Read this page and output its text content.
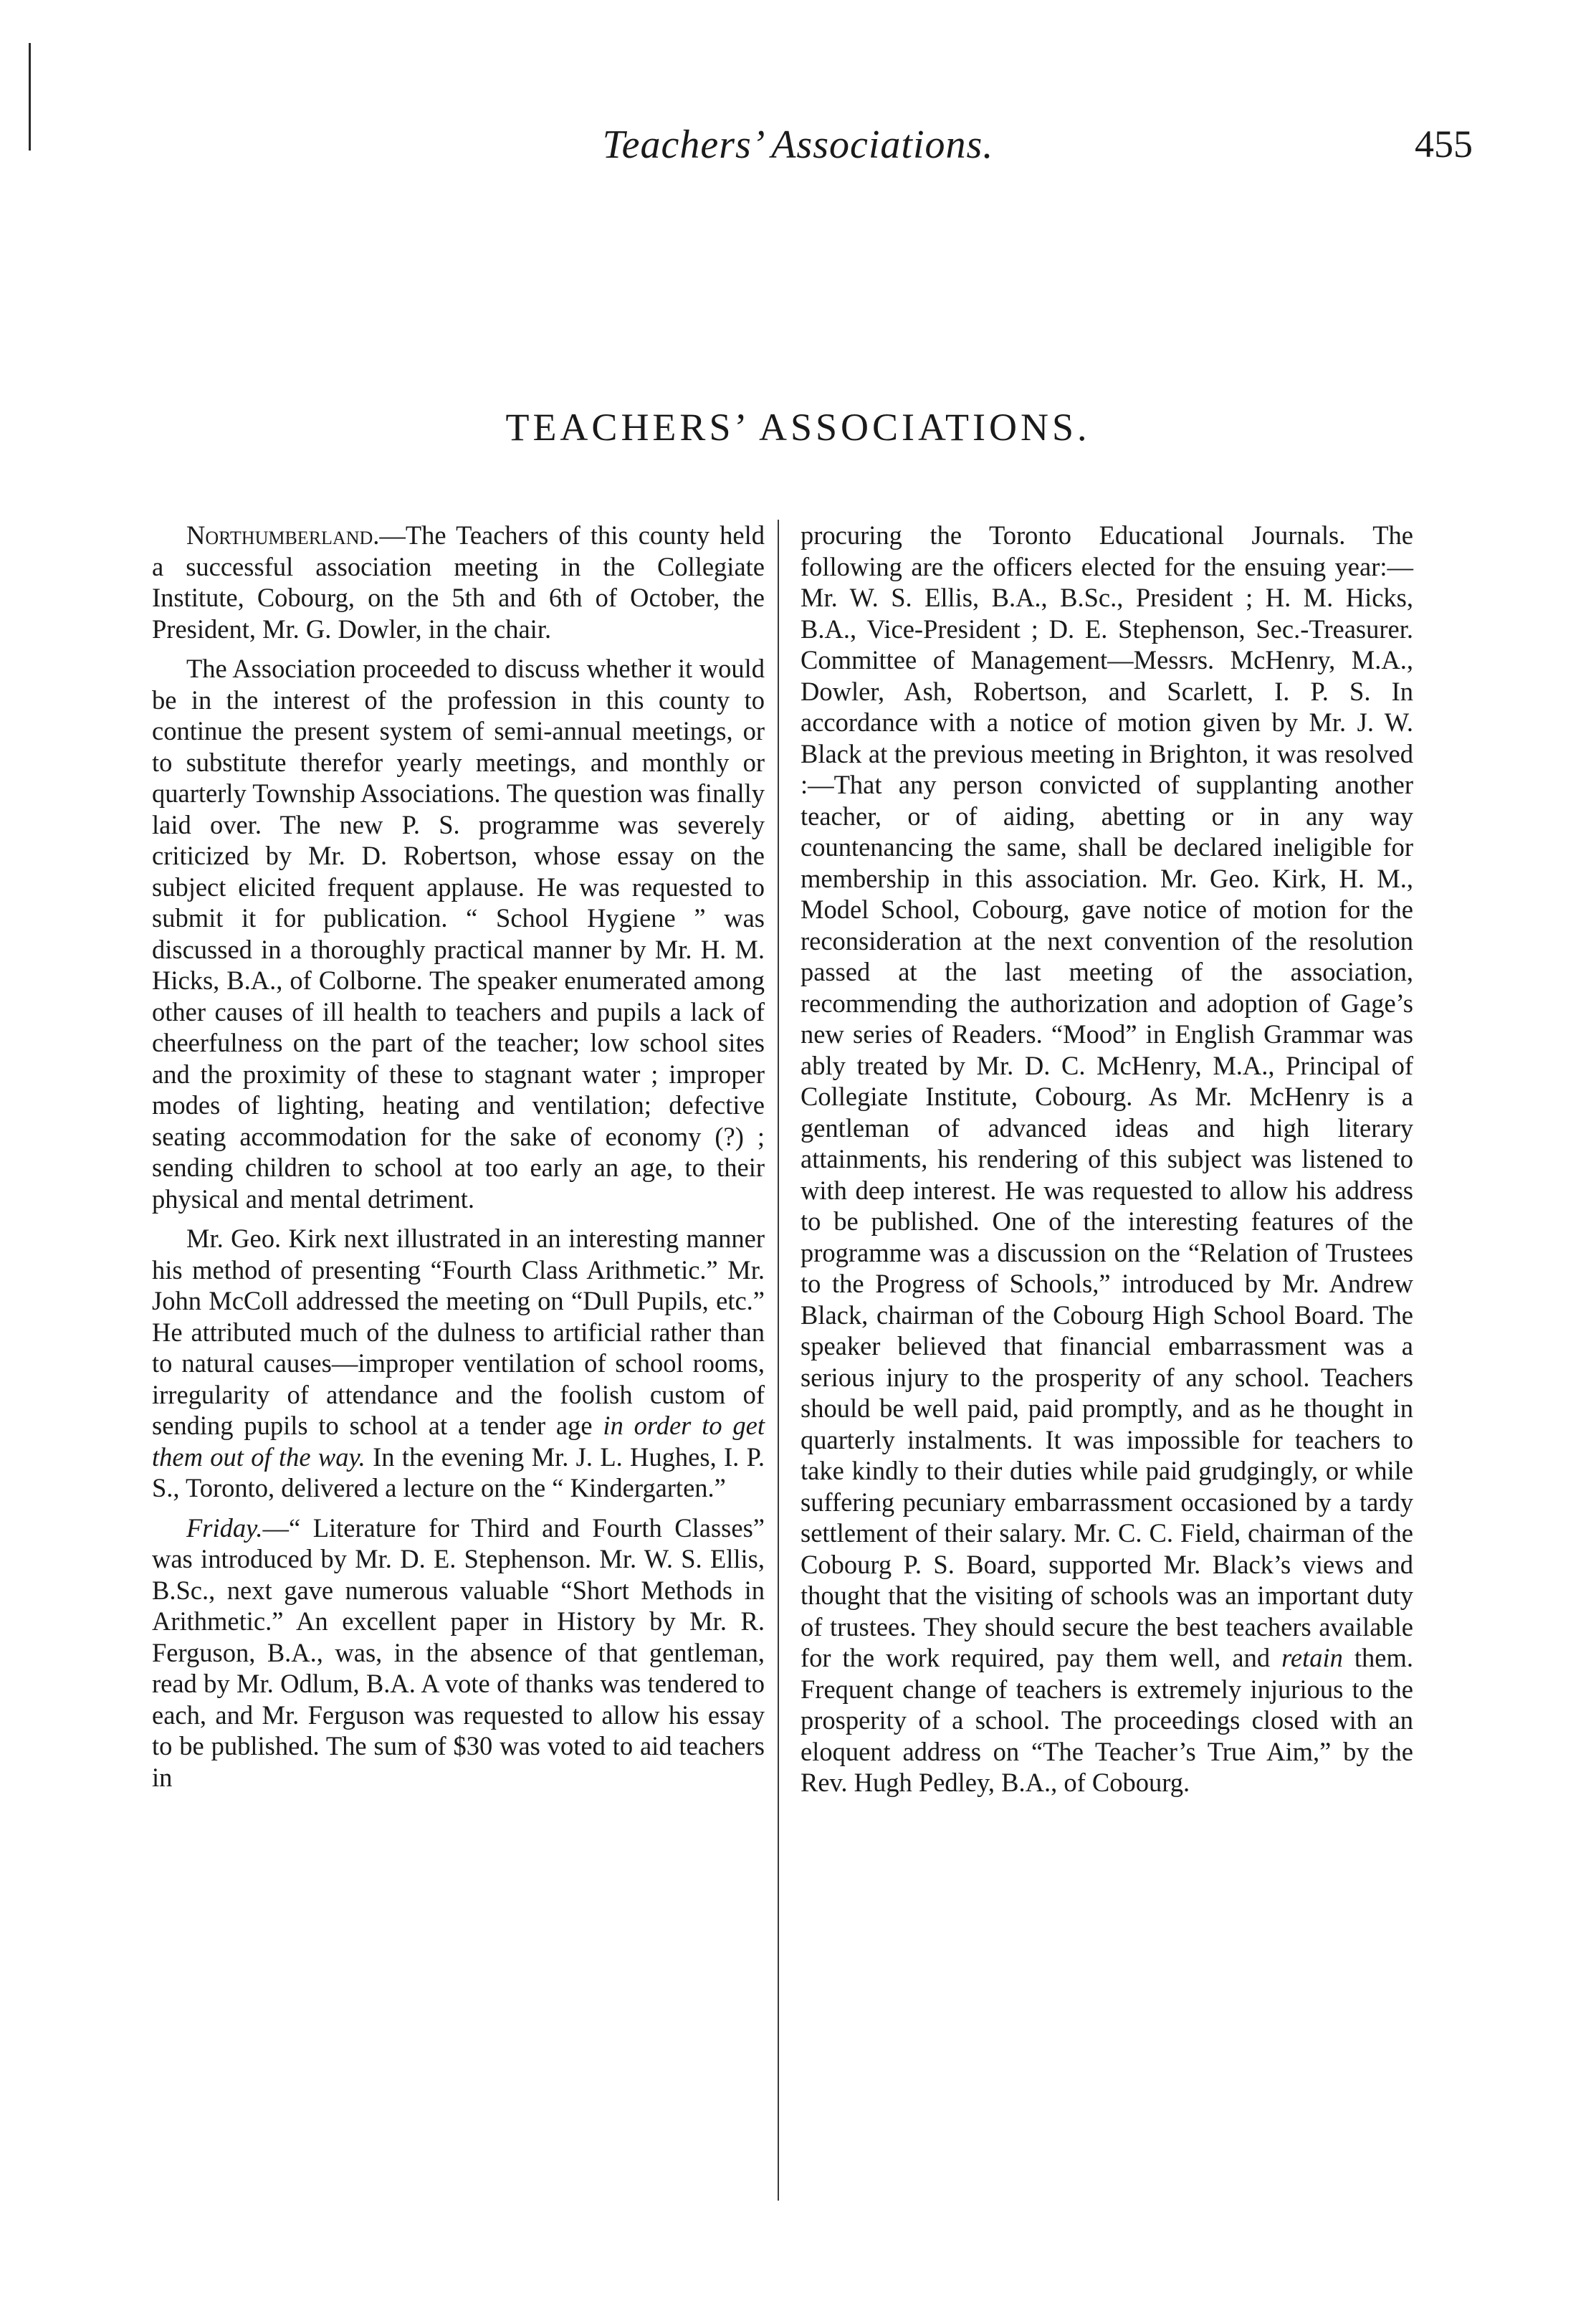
Teachers’ Associations.	455
TEACHERS’ ASSOCIATIONS.

Northumberland.—The Teachers of this county held a successful association meeting in the Collegiate Institute, Cobourg, on the 5th and 6th of October, the President, Mr. G. Dowler, in the chair.

The Association proceeded to discuss whether it would be in the interest of the profession in this county to continue the present system of semi-annual meetings, or to substitute therefor yearly meetings, and monthly or quarterly Township Associations. The question was finally laid over. The new P. S. programme was severely criticized by Mr. D. Robertson, whose essay on the subject elicited frequent applause. He was requested to submit it for publication. “ School Hygiene ” was discussed in a thoroughly practical manner by Mr. H. M. Hicks, B.A., of Colborne. The speaker enumerated among other causes of ill health to teachers and pupils a lack of cheerfulness on the part of the teacher; low school sites and the proximity of these to stagnant water ; improper modes of lighting, heating and ventilation; defective seating accommodation for the sake of economy (?) ; sending children to school at too early an age, to their physical and mental detriment.

Mr. Geo. Kirk next illustrated in an interesting manner his method of presenting “Fourth Class Arithmetic.” Mr. John McColl addressed the meeting on “Dull Pupils, etc.” He attributed much of the dulness to artificial rather than to natural causes—improper ventilation of school rooms, irregularity of attendance and the foolish custom of sending pupils to school at a tender age in order to get them out of the way. In the evening Mr. J. L. Hughes, I. P. S., Toronto, delivered a lecture on the “ Kindergarten.”

Friday.—“ Literature for Third and Fourth Classes” was introduced by Mr. D. E. Stephenson. Mr. W. S. Ellis, B.Sc., next gave numerous valuable “Short Methods in Arithmetic.” An excellent paper in History by Mr. R. Ferguson, B.A., was, in the absence of that gentleman, read by Mr. Odlum, B.A. A vote of thanks was tendered to each, and Mr. Ferguson was requested to allow his essay to be published. The sum of $30 was voted to aid teachers in

procuring the Toronto Educational Journals. The following are the officers elected for the ensuing year:—Mr. W. S. Ellis, B.A., B.Sc., President ; H. M. Hicks, B.A., Vice-President ; D. E. Stephenson, Sec.-Treasurer. Committee of Management—Messrs. McHenry, M.A., Dowler, Ash, Robertson, and Scarlett, I. P. S. In accordance with a notice of motion given by Mr. J. W. Black at the previous meeting in Brighton, it was resolved :—That any person convicted of supplanting another teacher, or of aiding, abetting or in any way countenancing the same, shall be declared ineligible for membership in this association. Mr. Geo. Kirk, H. M., Model School, Cobourg, gave notice of motion for the reconsideration at the next convention of the resolution passed at the last meeting of the association, recommending the authorization and adoption of Gage’s new series of Readers. “Mood” in English Grammar was ably treated by Mr. D. C. McHenry, M.A., Principal of Collegiate Institute, Cobourg. As Mr. McHenry is a gentleman of advanced ideas and high literary attainments, his rendering of this subject was listened to with deep interest. He was requested to allow his address to be published. One of the interesting features of the programme was a discussion on the “Relation of Trustees to the Progress of Schools,” introduced by Mr. Andrew Black, chairman of the Cobourg High School Board. The speaker believed that financial embarrassment was a serious injury to the prosperity of any school. Teachers should be well paid, paid promptly, and as he thought in quarterly instalments. It was impossible for teachers to take kindly to their duties while paid grudgingly, or while suffering pecuniary embarrassment occasioned by a tardy settlement of their salary. Mr. C. C. Field, chairman of the Cobourg P. S. Board, supported Mr. Black’s views and thought that the visiting of schools was an important duty of trustees. They should secure the best teachers available for the work required, pay them well, and retain them. Frequent change of teachers is extremely injurious to the prosperity of a school. The proceedings closed with an eloquent address on “The Teacher’s True Aim,” by the Rev. Hugh Pedley, B.A., of Cobourg.
